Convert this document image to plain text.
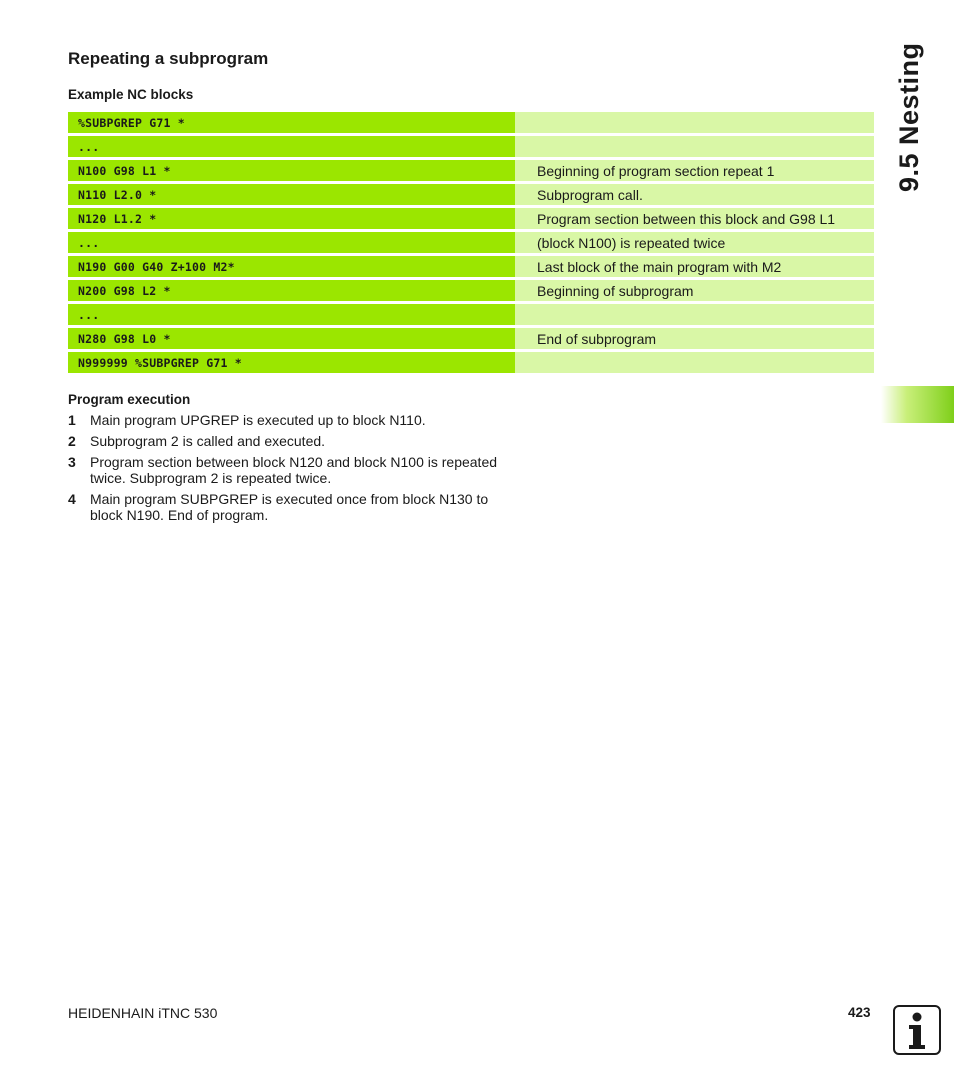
Repeating a subprogram
Example NC blocks
%SUBPGREP G71 *	
...	
N100 G98 L1 *	Beginning of program section repeat 1
N110 L2.0 *	Subprogram call.
N120 L1.2 *	Program section between this block and G98 L1
...	(block N100) is repeated twice
N190 G00 G40 Z+100 M2*	Last block of the main program with M2
N200 G98 L2 *	Beginning of subprogram
...	
N280 G98 L0 *	End of subprogram
N999999 %SUBPGREP G71 *	
Program execution
1 Main program UPGREP is executed up to block N110.
2 Subprogram 2 is called and executed.
3 Program section between block N120 and block N100 is repeated twice. Subprogram 2 is repeated twice.
4 Main program SUBPGREP is executed once from block N130 to block N190. End of program.
9.5 Nesting
HEIDENHAIN iTNC 530	423
